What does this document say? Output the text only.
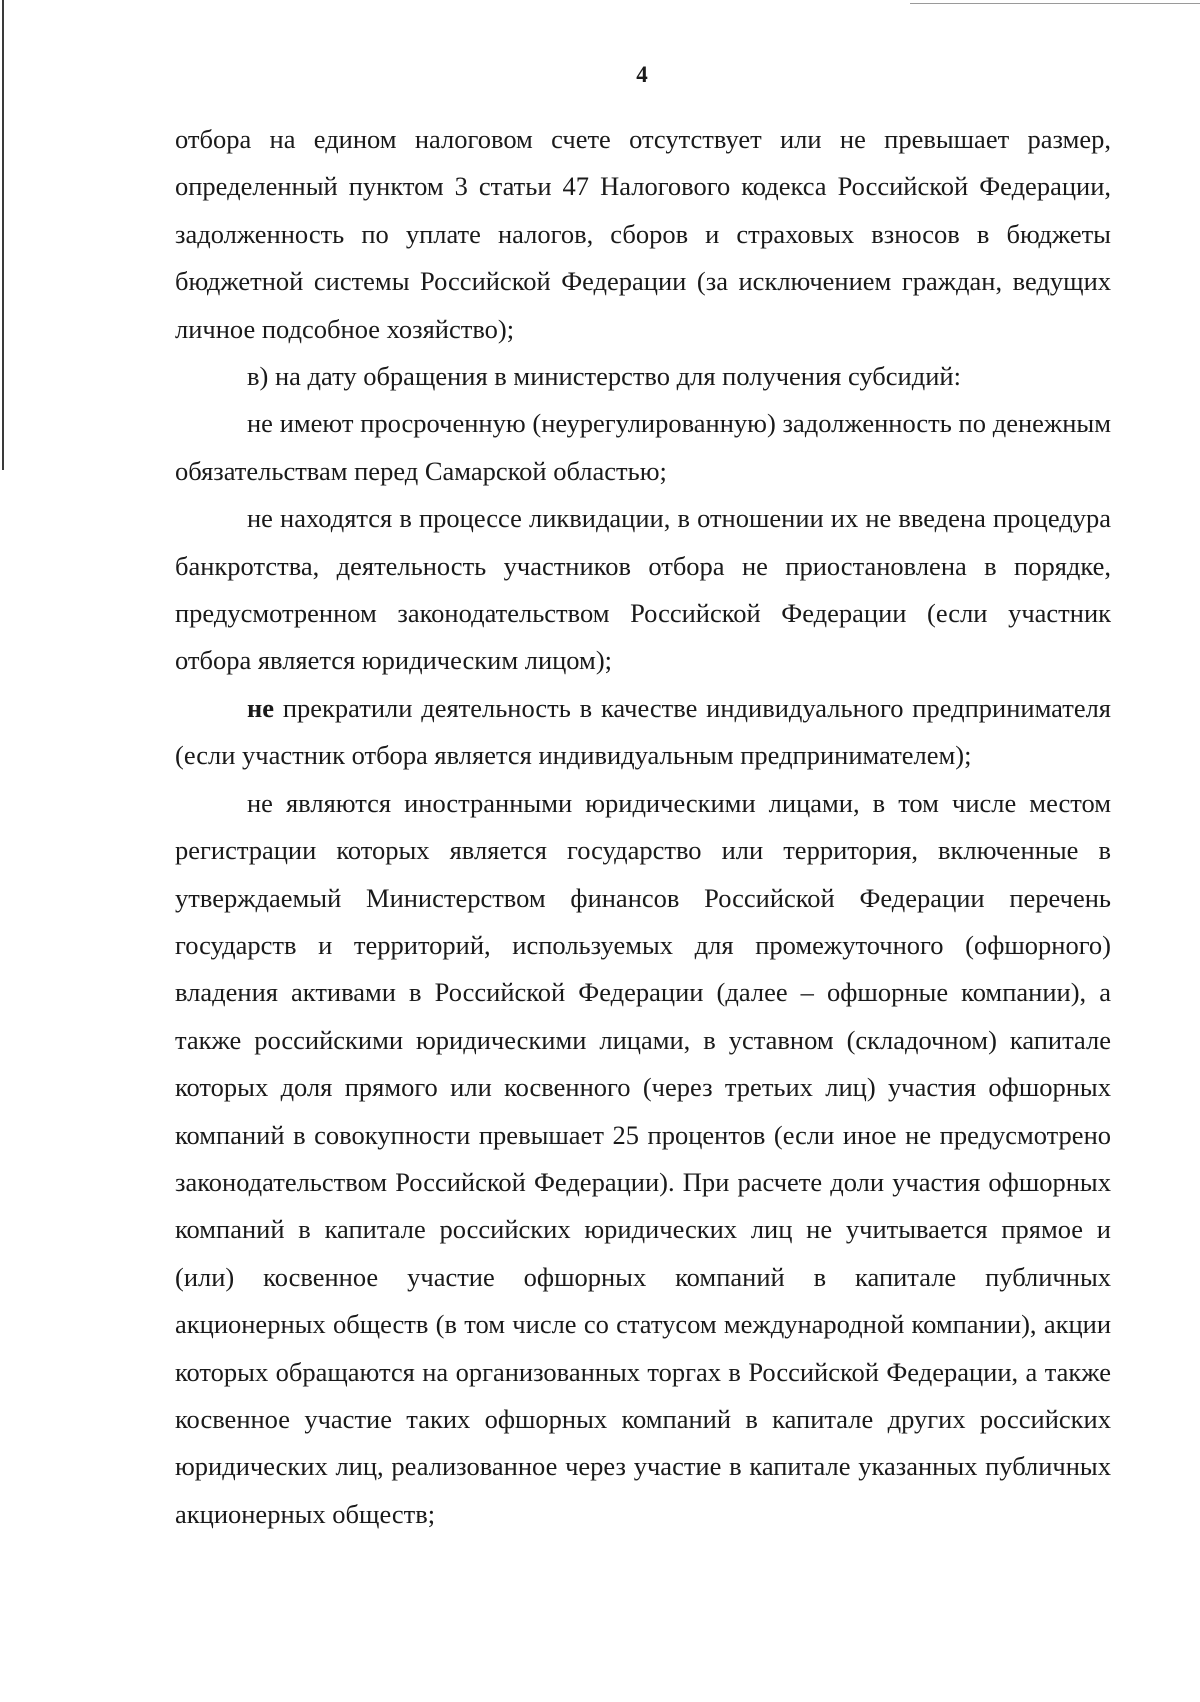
4

отбора на едином налоговом счете отсутствует или не превышает размер, определенный пунктом 3 статьи 47 Налогового кодекса Российской Федерации, задолженность по уплате налогов, сборов и страховых взносов в бюджеты бюджетной системы Российской Федерации (за исключением граждан, ведущих личное подсобное хозяйство);

в) на дату обращения в министерство для получения субсидий:

не имеют просроченную (неурегулированную) задолженность по денежным обязательствам перед Самарской областью;

не находятся в процессе ликвидации, в отношении их не введена процедура банкротства, деятельность участников отбора не приостановлена в порядке, предусмотренном законодательством Российской Федерации (если участник отбора является юридическим лицом);

не прекратили деятельность в качестве индивидуального предпринимателя (если участник отбора является индивидуальным предпринимателем);

не являются иностранными юридическими лицами, в том числе местом регистрации которых является государство или территория, включенные в утверждаемый Министерством финансов Российской Федерации перечень государств и территорий, используемых для промежуточного (офшорного) владения активами в Российской Федерации (далее – офшорные компании), а также российскими юридическими лицами, в уставном (складочном) капитале которых доля прямого или косвенного (через третьих лиц) участия офшорных компаний в совокупности превышает 25 процентов (если иное не предусмотрено законодательством Российской Федерации). При расчете доли участия офшорных компаний в капитале российских юридических лиц не учитывается прямое и (или) косвенное участие офшорных компаний в капитале публичных акционерных обществ (в том числе со статусом международной компании), акции которых обращаются на организованных торгах в Российской Федерации, а также косвенное участие таких офшорных компаний в капитале других российских юридических лиц, реализованное через участие в капитале указанных публичных акционерных обществ;
